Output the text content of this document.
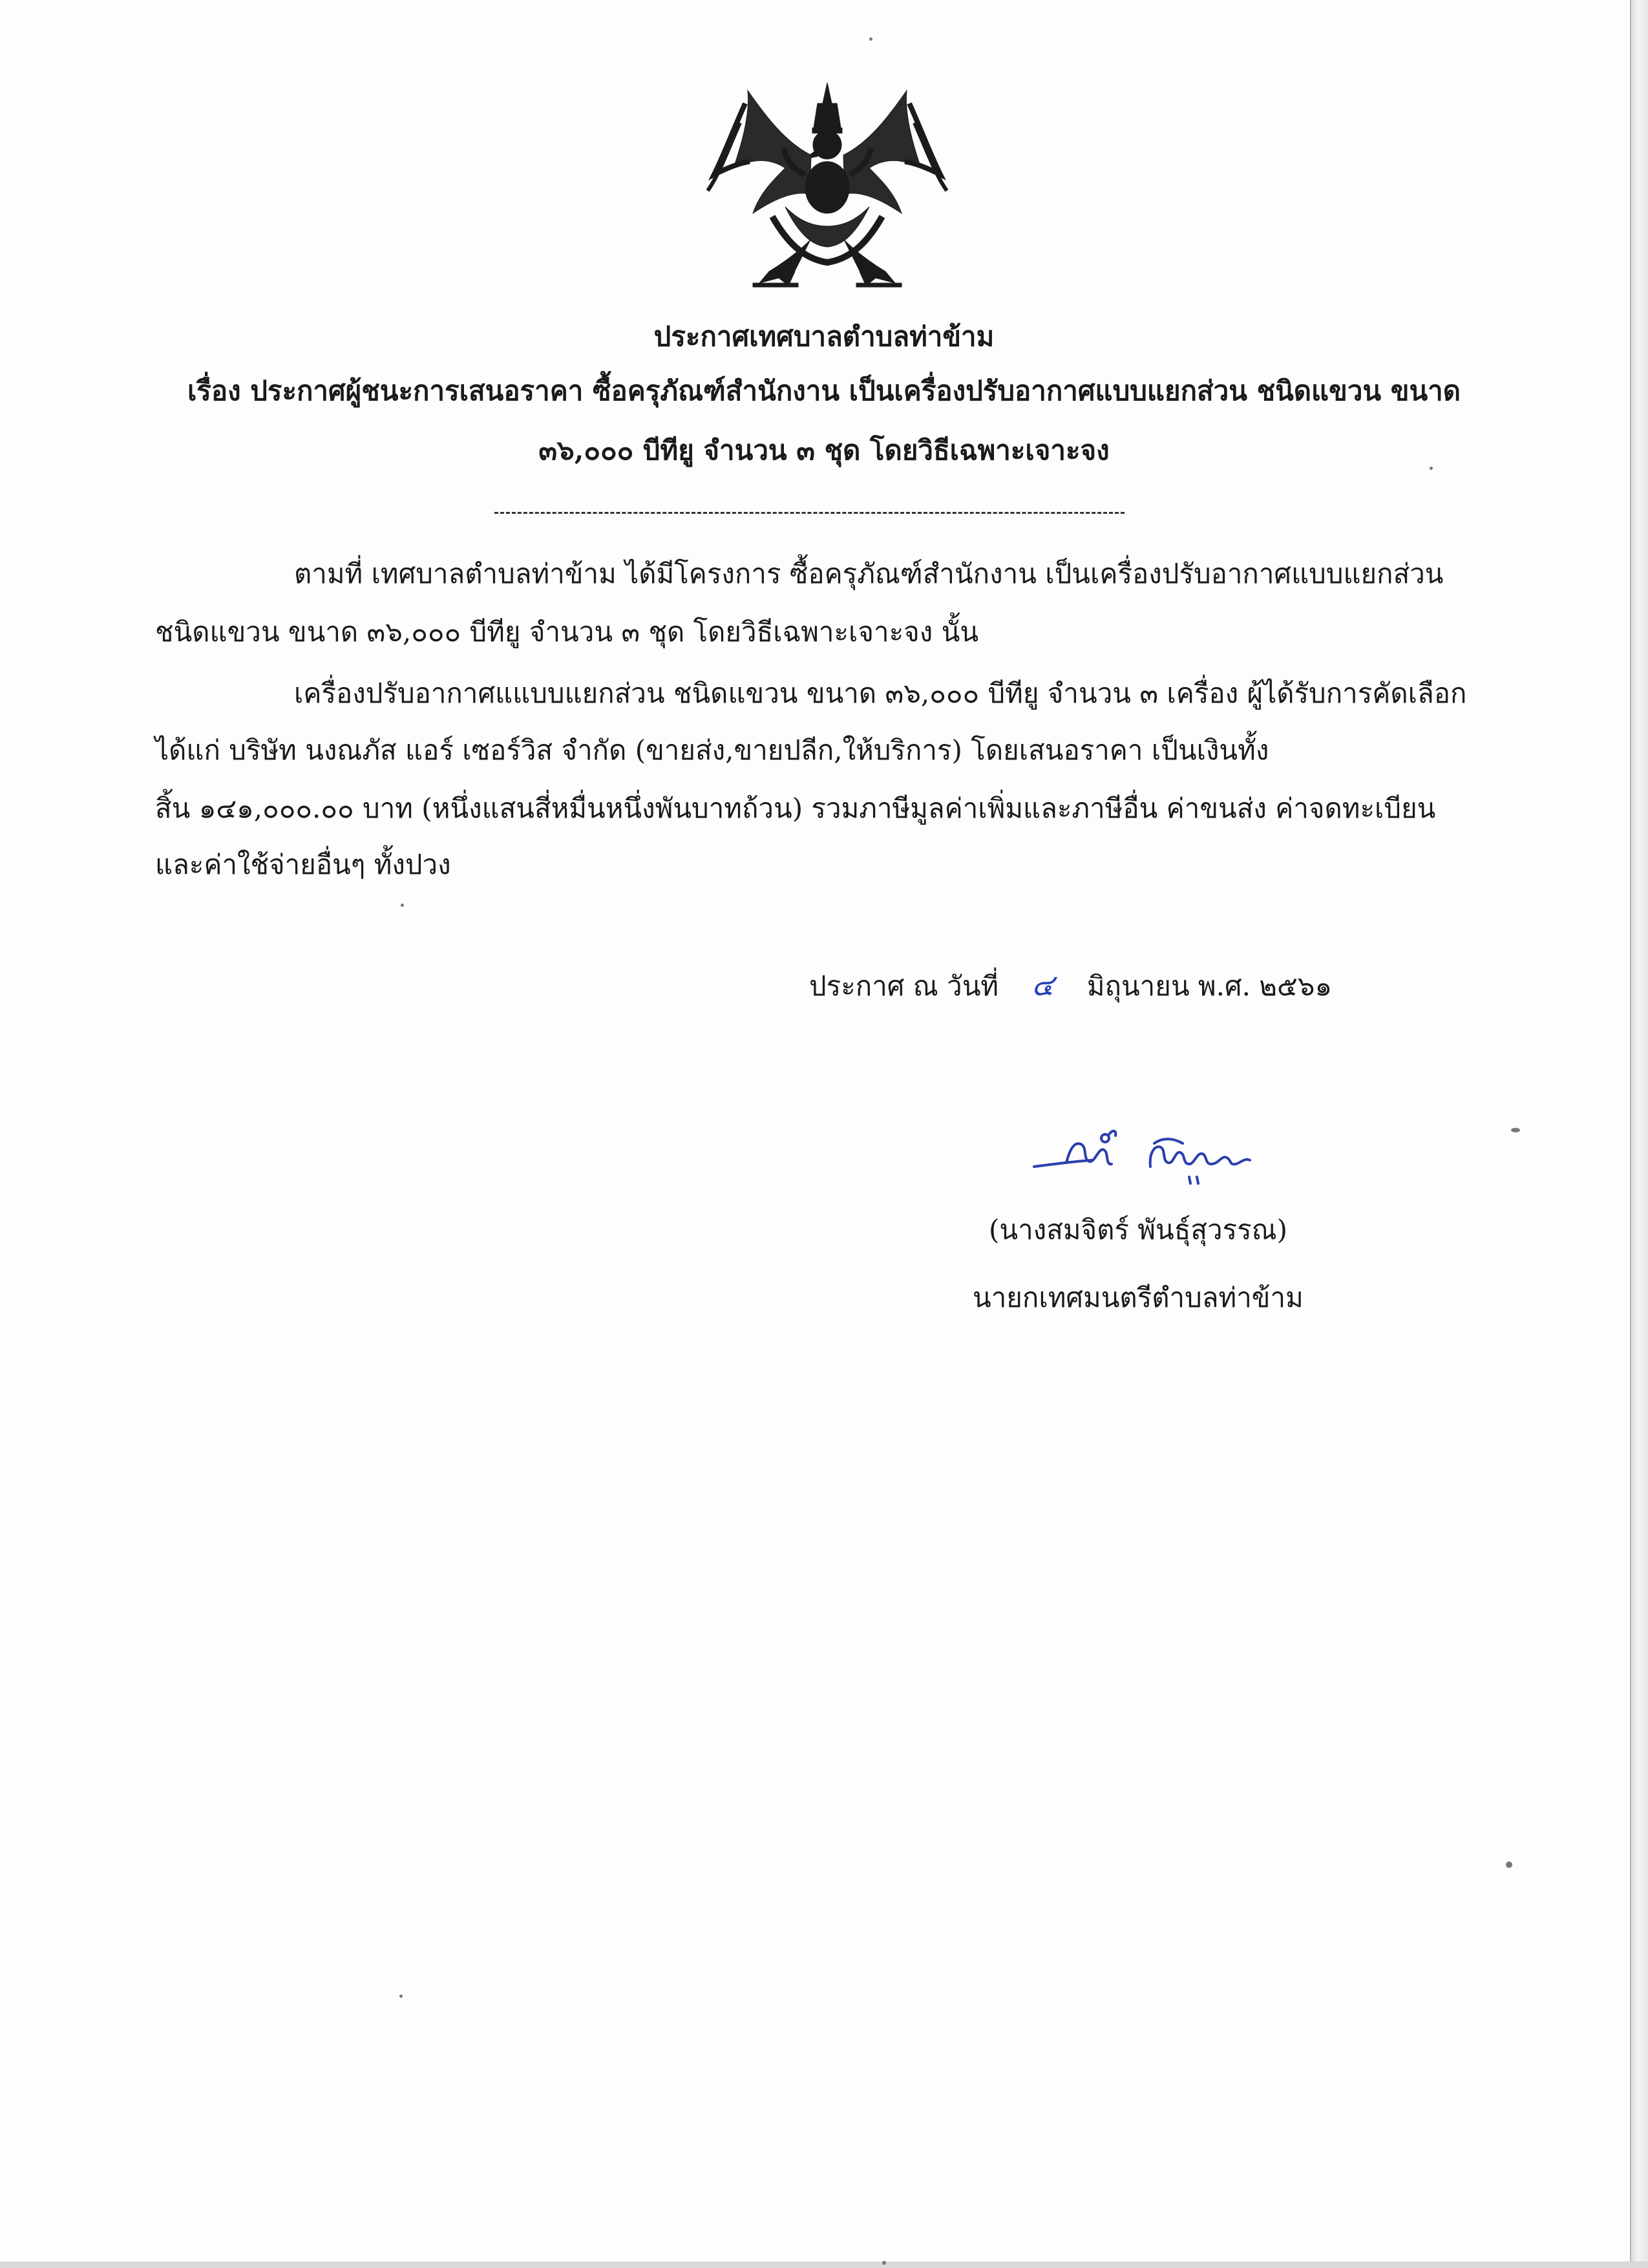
ประกาศเทศบาลตำบลท่าข้าม
เรื่อง ประกาศผู้ชนะการเสนอราคา ซื้อครุภัณฑ์สำนักงาน เป็นเครื่องปรับอากาศแบบแยกส่วน ชนิดแขวน ขนาด
๓๖,๐๐๐ บีทียู จำนวน ๓ ชุด โดยวิธีเฉพาะเจาะจง
ตามที่ เทศบาลตำบลท่าข้าม ได้มีโครงการ ซื้อครุภัณฑ์สำนักงาน เป็นเครื่องปรับอากาศแบบแยกส่วน
ชนิดแขวน ขนาด ๓๖,๐๐๐ บีทียู จำนวน ๓ ชุด โดยวิธีเฉพาะเจาะจง นั้น
เครื่องปรับอากาศแแบบแยกส่วน ชนิดแขวน ขนาด ๓๖,๐๐๐ บีทียู จำนวน ๓ เครื่อง ผู้ได้รับการคัดเลือก
ได้แก่ บริษัท นงณภัส แอร์ เซอร์วิส จำกัด (ขายส่ง,ขายปลีก,ให้บริการ) โดยเสนอราคา เป็นเงินทั้ง
สิ้น ๑๔๑,๐๐๐.๐๐ บาท (หนึ่งแสนสี่หมื่นหนึ่งพันบาทถ้วน) รวมภาษีมูลค่าเพิ่มและภาษีอื่น ค่าขนส่ง ค่าจดทะเบียน
และค่าใช้จ่ายอื่นๆ ทั้งปวง
ประกาศ ณ วันที่ ๔ มิถุนายน พ.ศ. ๒๕๖๑
(นางสมจิตร์ พันธุ์สุวรรณ)
นายกเทศมนตรีตำบลท่าข้าม
